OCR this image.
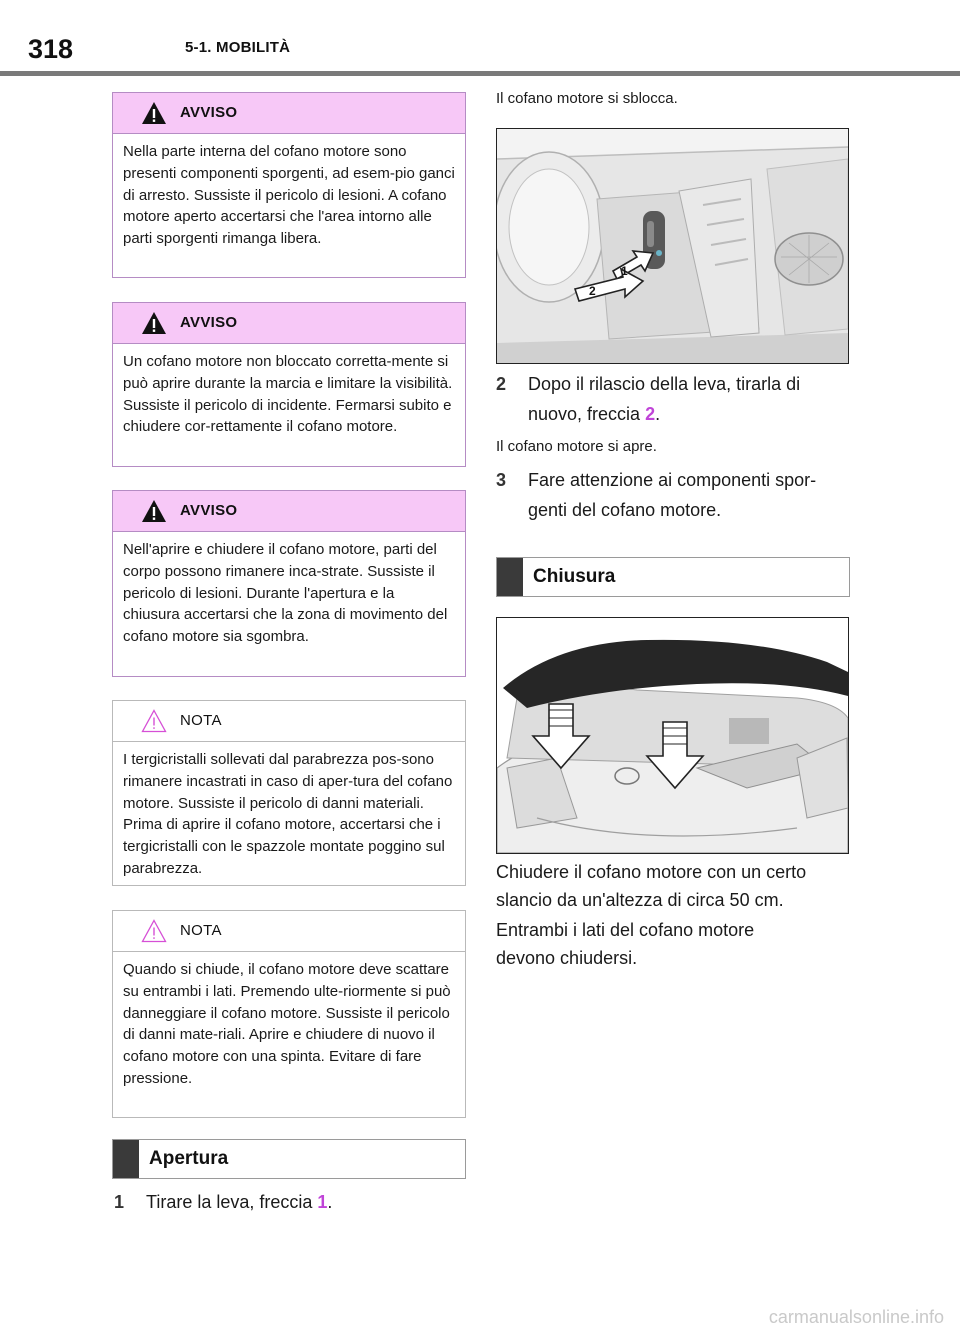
318	5-1. MOBILITÀ
AVVISO
Nella parte interna del cofano motore sono presenti componenti sporgenti, ad esem-pio ganci di arresto. Sussiste il pericolo di lesioni. A cofano motore aperto accertarsi che l'area intorno alle parti sporgenti rimanga libera.
AVVISO
Un cofano motore non bloccato corretta-mente si può aprire durante la marcia e limitare la visibilità. Sussiste il pericolo di incidente. Fermarsi subito e chiudere cor-rettamente il cofano motore.
AVVISO
Nell'aprire e chiudere il cofano motore, parti del corpo possono rimanere inca-strate. Sussiste il pericolo di lesioni. Durante l'apertura e la chiusura accertarsi che la zona di movimento del cofano motore sia sgombra.
NOTA
I tergicristalli sollevati dal parabrezza pos-sono rimanere incastrati in caso di aper-tura del cofano motore. Sussiste il pericolo di danni materiali. Prima di aprire il cofano motore, accertarsi che i tergicristalli con le spazzole montate poggino sul parabrezza.
NOTA
Quando si chiude, il cofano motore deve scattare su entrambi i lati. Premendo ulte-riormente si può danneggiare il cofano motore. Sussiste il pericolo di danni mate-riali. Aprire e chiudere di nuovo il cofano motore con una spinta. Evitare di fare pressione.
Apertura
1 Tirare la leva, freccia 1.
Il cofano motore si sblocca.
1
2
2 Dopo il rilascio della leva, tirarla di
nuovo, freccia 2.
Il cofano motore si apre.
3 Fare attenzione ai componenti spor-
genti del cofano motore.
Chiusura
Chiudere il cofano motore con un certo slancio da un'altezza di circa 50 cm.
Entrambi i lati del cofano motore devono chiudersi.
carmanualsonline.info
